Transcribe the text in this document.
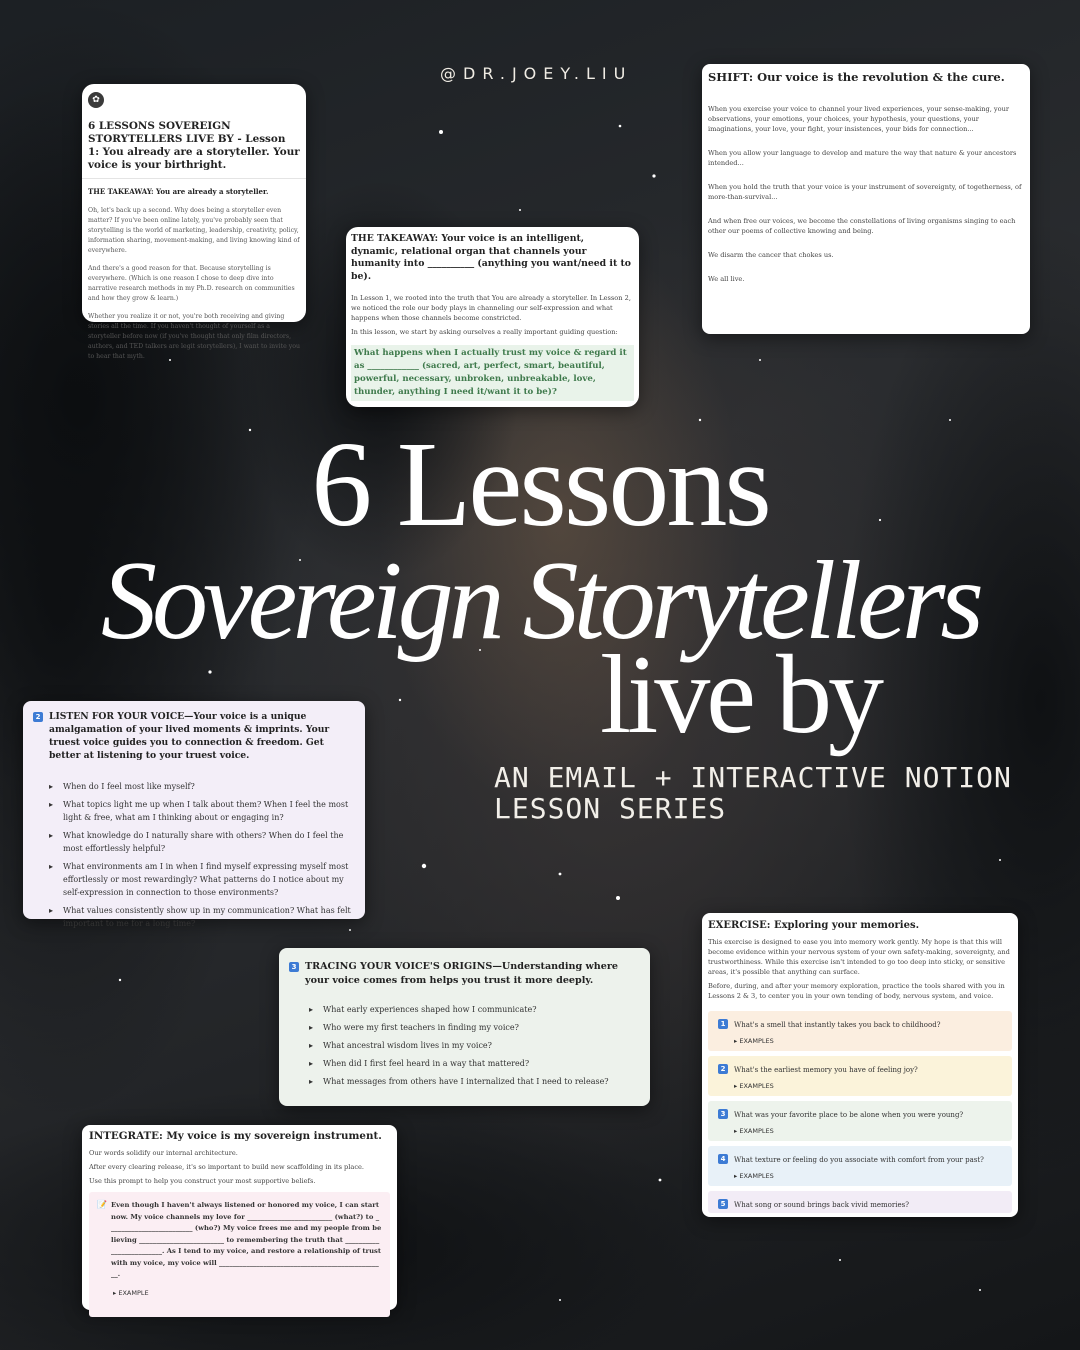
@DR.JOEY.LIU
✿
6 LESSONS SOVEREIGN STORYTELLERS LIVE BY - Lesson 1: You already are a storyteller. Your voice is your birthright.
THE TAKEAWAY: You are already a storyteller.

Oh, let's back up a second. Why does being a storyteller even matter? If you've been online lately, you've probably seen that storytelling is the world of marketing, leadership, creativity, policy, information sharing, movement-making, and living knowing kind of everywhere.

And there's a good reason for that. Because storytelling is everywhere. (Which is one reason I chose to deep dive into narrative research methods in my Ph.D. research on communities and how they grow & learn.)

Whether you realize it or not, you're both receiving and giving stories all the time. If you haven't thought of yourself as a storyteller before now (if you've thought that only film directors, authors, and TED talkers are legit storytellers), I want to invite you to hear that myth.

THE TAKEAWAY: Your voice is an intelligent, dynamic, relational organ that channels your humanity into __________ (anything you want/need it to be).

In Lesson 1, we rooted into the truth that You are already a storyteller. In Lesson 2, we noticed the role our body plays in channeling our self-expression and what happens when those channels become constricted.

In this lesson, we start by asking ourselves a really important guiding question:

What happens when I actually trust my voice & regard it as ____________ (sacred, art, perfect, smart, beautiful, powerful, necessary, unbroken, unbreakable, love, thunder, anything I need it/want it to be)?
SHIFT: Our voice is the revolution & the cure.

When you exercise your voice to channel your lived experiences, your sense-making, your observations, your emotions, your choices, your hypothesis, your questions, your imaginations, your love, your fight, your insistences, your bids for connection...

When you allow your language to develop and mature the way that nature & your ancestors intended...

When you hold the truth that your voice is your instrument of sovereignty, of togetherness, of more-than-survival...

And when free our voices, we become the constellations of living organisms singing to each other our poems of collective knowing and being.

We disarm the cancer that chokes us.

We all live.

6 Lessons
Sovereign Storytellers
live by
AN EMAIL + INTERACTIVE NOTION LESSON SERIES
2 LISTEN FOR YOUR VOICE—Your voice is a unique amalgamation of your lived moments & imprints. Your truest voice guides you to connection & freedom. Get better at listening to your truest voice.
▸ When do I feel most like myself?
▸ What topics light me up when I talk about them? When I feel the most light & free, what am I thinking about or engaging in?
▸ What knowledge do I naturally share with others? When do I feel the most effortlessly helpful?
▸ What environments am I in when I find myself expressing myself most effortlessly or most rewardingly? What patterns do I notice about my self-expression in connection to those environments?
▸ What values consistently show up in my communication? What has felt important to me for a long time?
3 TRACING YOUR VOICE'S ORIGINS—Understanding where your voice comes from helps you trust it more deeply.
▸ What early experiences shaped how I communicate?
▸ Who were my first teachers in finding my voice?
▸ What ancestral wisdom lives in my voice?
▸ When did I first feel heard in a way that mattered?
▸ What messages from others have I internalized that I need to release?
EXERCISE: Exploring your memories.

This exercise is designed to ease you into memory work gently. My hope is that this will become evidence within your nervous system of your own safety-making, sovereignty, and trustworthiness. While this exercise isn't intended to go too deep into sticky, or sensitive areas, it's possible that anything can surface.

Before, during, and after your memory exploration, practice the tools shared with you in Lessons 2 & 3, to center you in your own tending of body, nervous system, and voice.

1 What's a smell that instantly takes you back to childhood?
▸ EXAMPLES
2 What's the earliest memory you have of feeling joy?
▸ EXAMPLES
3 What was your favorite place to be alone when you were young?
▸ EXAMPLES
4 What texture or feeling do you associate with comfort from your past?
▸ EXAMPLES
5 What song or sound brings back vivid memories?
INTEGRATE: My voice is my sovereign instrument.

Our words solidify our internal architecture.

After every clearing release, it's so important to build new scaffolding in its place.

Use this prompt to help you construct your most supportive beliefs.

📝 Even though I haven't always listened or honored my voice, I can start now. My voice channels my love for _________________________ (what?) to _________________________ (who?) My voice frees me and my people from believing _________________________ to remembering the truth that _________________________. As I tend to my voice, and restore a relationship of trust with my voice, my voice will _________________________________________________.
▸ EXAMPLE
